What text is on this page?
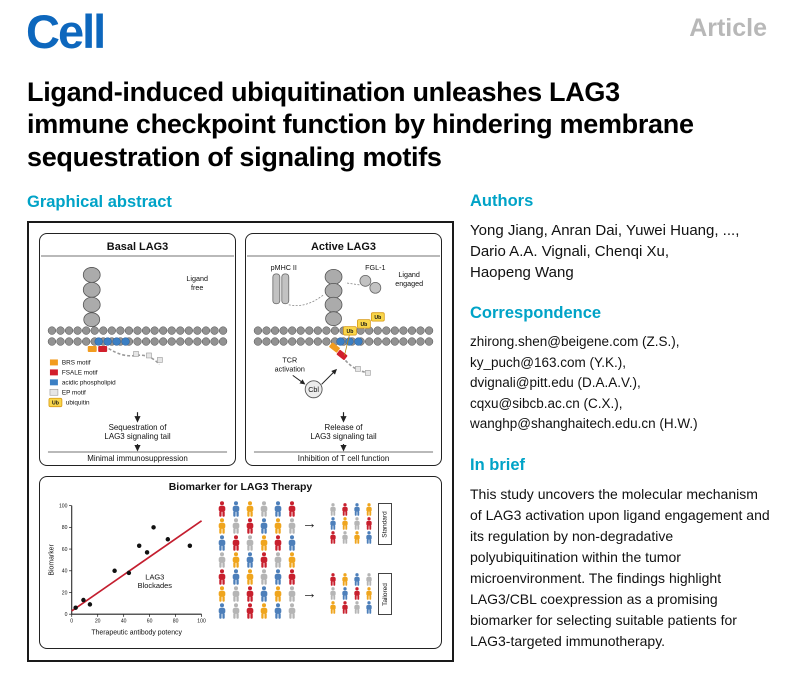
Cell	Article
Ligand-induced ubiquitination unleashes LAG3
immune checkpoint function by hindering membrane
sequestration of signaling motifs
Graphical abstract
Basal LAG3
Ligand
free
BRS motif
FSALE motif
acidic phospholipid
EP motif
Ub ubiquitin
Sequestration of
LAG3 signaling tail
Minimal immunosuppression
Active LAG3
Ligand
engaged
pMHC II	FGL-1
Ub
Ub
Ub
TCR
activation
Cbl
Release of
LAG3 signaling tail
Inhibition of T cell function
Biomarker for LAG3 Therapy
0	20	40	60	80	100
0
20
40
60
80
100
Therapeutic antibody potency
Biomarker
LAG3
Blockades
→
→
Standard
Tailored
Authors
Yong Jiang, Anran Dai, Yuwei Huang, ...,
Dario A.A. Vignali, Chenqi Xu,
Haopeng Wang
Correspondence
zhirong.shen@beigene.com (Z.S.),
ky_puch@163.com (Y.K.),
dvignali@pitt.edu (D.A.A.V.),
cqxu@sibcb.ac.cn (C.X.),
wanghp@shanghaitech.edu.cn (H.W.)
In brief
This study uncovers the molecular mechanism of LAG3 activation upon ligand engagement and its regulation by non-degradative polyubiquitination within the tumor microenvironment. The findings highlight LAG3/CBL coexpression as a promising biomarker for selecting suitable patients for LAG3-targeted immunotherapy.
